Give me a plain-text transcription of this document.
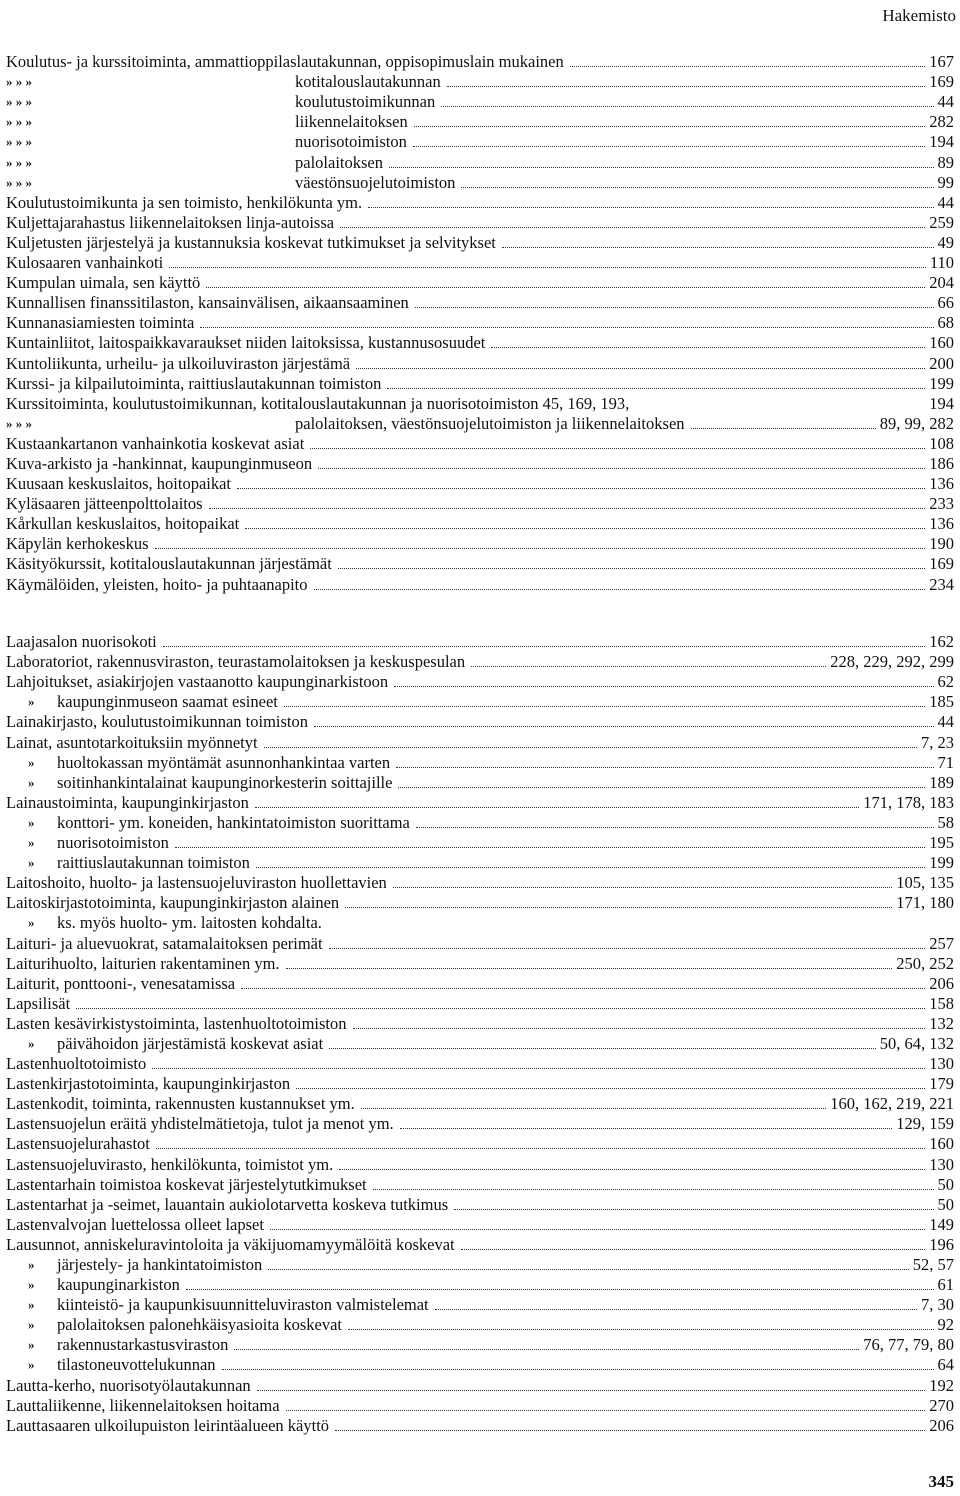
Hakemisto
Koulutus- ja kurssitoiminta, ammattioppilaslautakunnan, oppisopimuslain mukainen	167
» » »	kotitalouslautakunnan	169
» » »	koulutustoimikunnan	44
» » »	liikennelaitoksen	282
» » »	nuorisotoimiston	194
» » »	palolaitoksen	89
» » »	väestönsuojelutoimiston	99
Koulutustoimikunta ja sen toimisto, henkilökunta ym.	44
Kuljettajarahastus liikennelaitoksen linja-autoissa	259
Kuljetusten järjestelyä ja kustannuksia koskevat tutkimukset ja selvitykset	49
Kulosaaren vanhainkoti	110
Kumpulan uimala, sen käyttö	204
Kunnallisen finanssitilaston, kansainvälisen, aikaansaaminen	66
Kunnanasiamiesten toiminta	68
Kuntainliitot, laitospaikkavaraukset niiden laitoksissa, kustannusosuudet	160
Kuntoliikunta, urheilu- ja ulkoiluviraston järjestämä	200
Kurssi- ja kilpailutoiminta, raittiuslautakunnan toimiston	199
Kurssitoiminta, koulutustoimikunnan, kotitalouslautakunnan ja nuorisotoimiston 45, 169, 193,	194
» » »	palolaitoksen, väestönsuojelutoimiston ja liikennelaitoksen	89, 99, 282
Kustaankartanon vanhainkotia koskevat asiat	108
Kuva-arkisto ja -hankinnat, kaupunginmuseon	186
Kuusaan keskuslaitos, hoitopaikat	136
Kyläsaaren jätteenpolttolaitos	233
Kårkullan keskuslaitos, hoitopaikat	136
Käpylän kerhokeskus	190
Käsityökurssit, kotitalouslautakunnan järjestämät	169
Käymälöiden, yleisten, hoito- ja puhtaanapito	234
Laajasalon nuorisokoti	162
Laboratoriot, rakennusviraston, teurastamolaitoksen ja keskuspesulan	228, 229, 292, 299
Lahjoitukset, asiakirjojen vastaanotto kaupunginarkistoon	62
»	kaupunginmuseon saamat esineet	185
Lainakirjasto, koulutustoimikunnan toimiston	44
Lainat, asuntotarkoituksiin myönnetyt	7, 23
»	huoltokassan myöntämät asunnonhankintaa varten	71
»	soitinhankintalainat kaupunginorkesterin soittajille	189
Lainaustoiminta, kaupunginkirjaston	171, 178, 183
»	konttori- ym. koneiden, hankintatoimiston suorittama	58
»	nuorisotoimiston	195
»	raittiuslautakunnan toimiston	199
Laitoshoito, huolto- ja lastensuojeluviraston huollettavien	105, 135
Laitoskirjastotoiminta, kaupunginkirjaston alainen	171, 180
»	ks. myös huolto- ym. laitosten kohdalta.
Laituri- ja aluevuokrat, satamalaitoksen perimät	257
Laiturihuolto, laiturien rakentaminen ym.	250, 252
Laiturit, ponttooni-, venesatamissa	206
Lapsilisät	158
Lasten kesävirkistystoiminta, lastenhuoltotoimiston	132
»	päivähoidon järjestämistä koskevat asiat	50, 64, 132
Lastenhuoltotoimisto	130
Lastenkirjastotoiminta, kaupunginkirjaston	179
Lastenkodit, toiminta, rakennusten kustannukset ym.	160, 162, 219, 221
Lastensuojelun eräitä yhdistelmätietoja, tulot ja menot ym.	129, 159
Lastensuojelurahastot	160
Lastensuojeluvirasto, henkilökunta, toimistot ym.	130
Lastentarhain toimistoa koskevat järjestelytutkimukset	50
Lastentarhat ja -seimet, lauantain aukiolotarvetta koskeva tutkimus	50
Lastenvalvojan luettelossa olleet lapset	149
Lausunnot, anniskeluravintoloita ja väkijuomamyymälöitä koskevat	196
»	järjestely- ja hankintatoimiston	52, 57
»	kaupunginarkiston	61
»	kiinteistö- ja kaupunkisuunnitteluviraston valmistelemat	7, 30
»	palolaitoksen palonehkäisyasioita koskevat	92
»	rakennustarkastusviraston	76, 77, 79, 80
»	tilastoneuvottelukunnan	64
Lautta-kerho, nuorisotyölautakunnan	192
Lauttaliikenne, liikennelaitoksen hoitama	270
Lauttasaaren ulkoilupuiston leirintäalueen käyttö	206
345
